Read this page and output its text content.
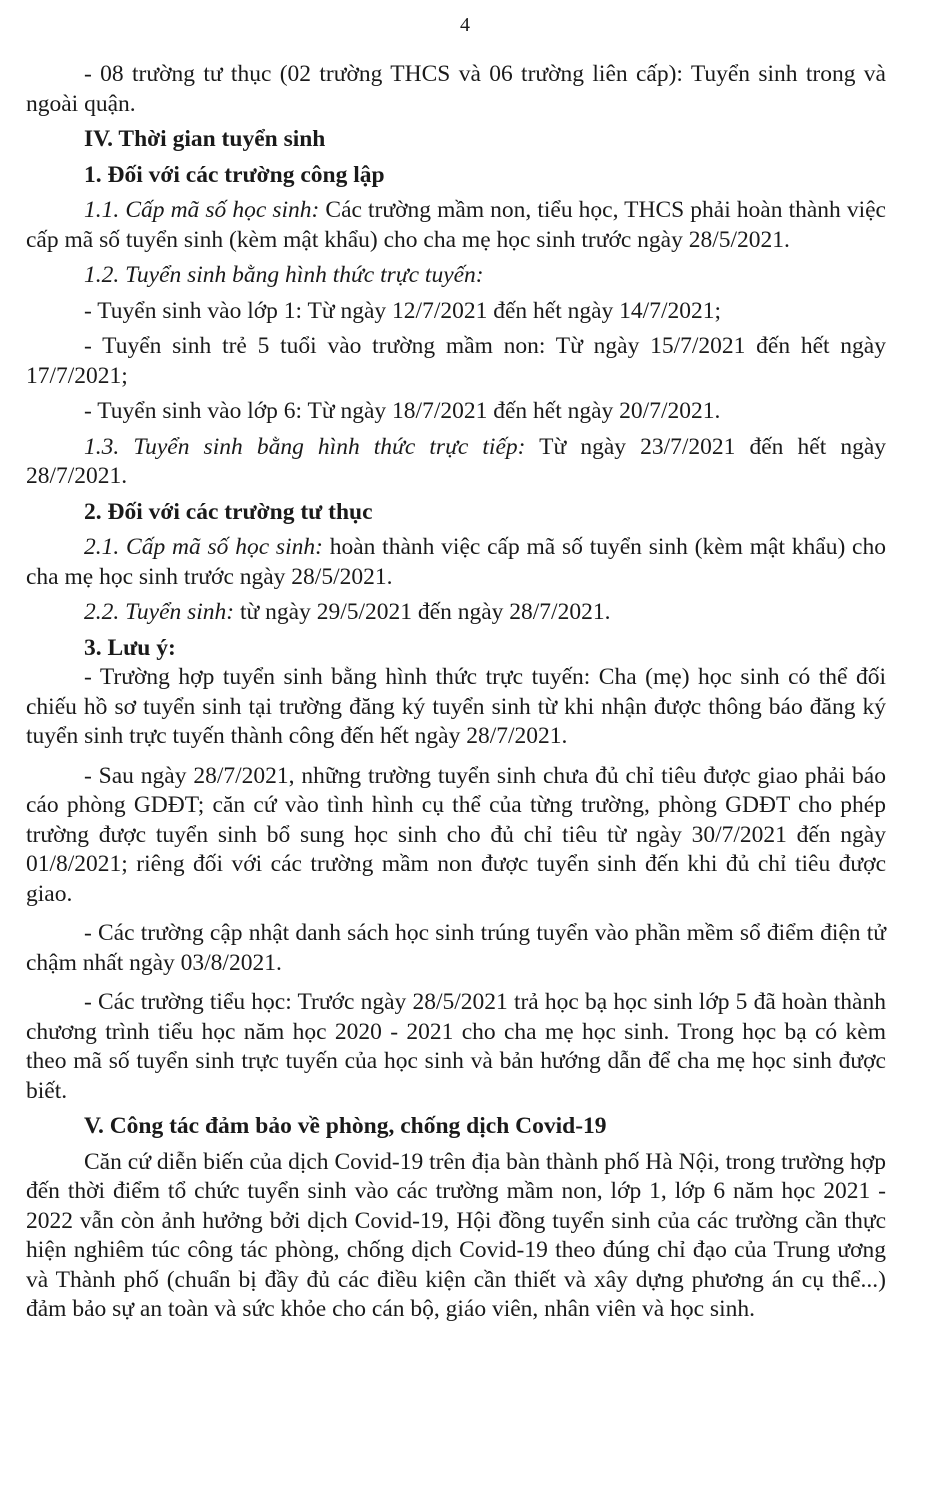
4

- 08 trường tư thục (02 trường THCS và 06 trường liên cấp): Tuyển sinh trong và ngoài quận.

IV. Thời gian tuyển sinh

1. Đối với các trường công lập

1.1. Cấp mã số học sinh: Các trường mầm non, tiểu học, THCS phải hoàn thành việc cấp mã số tuyển sinh (kèm mật khẩu) cho cha mẹ học sinh trước ngày 28/5/2021.

1.2. Tuyển sinh bằng hình thức trực tuyến:

- Tuyển sinh vào lớp 1: Từ ngày 12/7/2021 đến hết ngày 14/7/2021;

- Tuyển sinh trẻ 5 tuổi vào trường mầm non: Từ ngày 15/7/2021 đến hết ngày 17/7/2021;

- Tuyển sinh vào lớp 6: Từ ngày 18/7/2021 đến hết ngày 20/7/2021.

1.3. Tuyển sinh bằng hình thức trực tiếp: Từ ngày 23/7/2021 đến hết ngày 28/7/2021.

2. Đối với các trường tư thục

2.1. Cấp mã số học sinh: hoàn thành việc cấp mã số tuyển sinh (kèm mật khẩu) cho cha mẹ học sinh trước ngày 28/5/2021.

2.2. Tuyển sinh: từ ngày 29/5/2021 đến ngày 28/7/2021.

3. Lưu ý:

- Trường hợp tuyển sinh bằng hình thức trực tuyến: Cha (mẹ) học sinh có thể đối chiếu hồ sơ tuyển sinh tại trường đăng ký tuyển sinh từ khi nhận được thông báo đăng ký tuyển sinh trực tuyến thành công đến hết ngày 28/7/2021.

- Sau ngày 28/7/2021, những trường tuyển sinh chưa đủ chỉ tiêu được giao phải báo cáo phòng GDĐT; căn cứ vào tình hình cụ thể của từng trường, phòng GDĐT cho phép trường được tuyển sinh bổ sung học sinh cho đủ chỉ tiêu từ ngày 30/7/2021 đến ngày 01/8/2021; riêng đối với các trường mầm non được tuyển sinh đến khi đủ chỉ tiêu được giao.

- Các trường cập nhật danh sách học sinh trúng tuyển vào phần mềm sổ điểm điện tử chậm nhất ngày 03/8/2021.

- Các trường tiểu học: Trước ngày 28/5/2021 trả học bạ học sinh lớp 5 đã hoàn thành chương trình tiểu học năm học 2020 - 2021 cho cha mẹ học sinh. Trong học bạ có kèm theo mã số tuyển sinh trực tuyến của học sinh và bản hướng dẫn để cha mẹ học sinh được biết.

V. Công tác đảm bảo về phòng, chống dịch Covid-19

Căn cứ diễn biến của dịch Covid-19 trên địa bàn thành phố Hà Nội, trong trường hợp đến thời điểm tổ chức tuyển sinh vào các trường mầm non, lớp 1, lớp 6 năm học 2021 - 2022 vẫn còn ảnh hưởng bởi dịch Covid-19, Hội đồng tuyển sinh của các trường cần thực hiện nghiêm túc công tác phòng, chống dịch Covid-19 theo đúng chỉ đạo của Trung ương và Thành phố (chuẩn bị đầy đủ các điều kiện cần thiết và xây dựng phương án cụ thể...) đảm bảo sự an toàn và sức khỏe cho cán bộ, giáo viên, nhân viên và học sinh.
